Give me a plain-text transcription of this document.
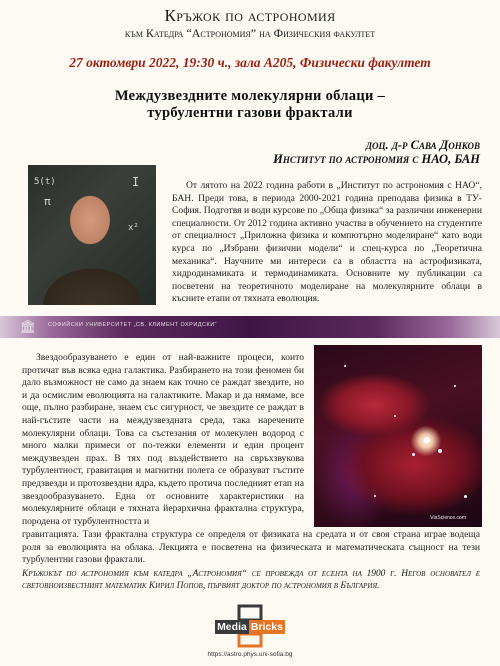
Кръжок по астрономия
към Катедра “Астрономия” на Физическия факултет
27 октомври 2022, 19:30 ч., зала А205, Физически факултет
Междузвездните молекулярни облаци –
турбулентни газови фрактали
доц. д-р Сава Донков
Институт по астрономия с НАО, БАН
5(t)
π
I
x²
От лятото на 2022 година работи в „Институт по астрономия с НАО“, БАН. Преди това, в периода 2000-2021 година преподава физика в ТУ-София. Подготвя и води курсове по „Обща физика“ за различни инженерни специалности. От 2012 година активно участва в обучението на студентите от специалност „Приложна физика и компютърно моделиране“ като води курса по „Избрани физични модели“ и спец-курса по „Теоретична механика“. Научните ми интереси са в областта на астрофизиката, хидродинамиката и термодинамиката. Основните му публикации са посветени на теоретичното моделиране на молекулярните облаци в късните етапи от тяхната еволюция.
🏛	СОФИЙСКИ УНИВЕРСИТЕТ „СВ. КЛИМЕНТ ОХРИДСКИ“
Звездообразуването е един от най-важните процеси, които протичат във всяка една галактика. Разбирането на този феномен би дало възможност не само да знаем как точно се раждат звездите, но и да осмислим еволюцията на галактиките. Макар и да нямаме, все още, пълно разбиране, знаем със сигурност, че звездите се раждат в най-гъстите части на междузвездната среда, така наречените молекулярни облаци. Това са състезания от молекулен водород с много малки примеси от по-тежки елементи и един процент междузвезден прах. В тях под въздействието на свръхзвукова турбулентност, гравитация и магнитни полета се образуват гъстите предзвезди и протозвездни ядра, където протича последният етап на звездообразуването. Една от основните характеристики на молекулярните облаци е тяхната йерархична фрактална структура, породена от турбулентността и	ViaScience.com
гравитацията. Тази фрактална структура се определя от физиката на средата и от своя страна играе водеща роля за еволюцията на облака. Лекцията е посветена на физическата и математическата същност на тези турбулентни газови фрактали.
Кръжокът по астрономия към катедра „Астрономия“ се провежда от есента на 1900 г. Негов основател е световноизвестният математик Кирил Попов, първият доктор по астрономия в България.
Media Bricks
https://astro.phys.uni-sofia.bg
